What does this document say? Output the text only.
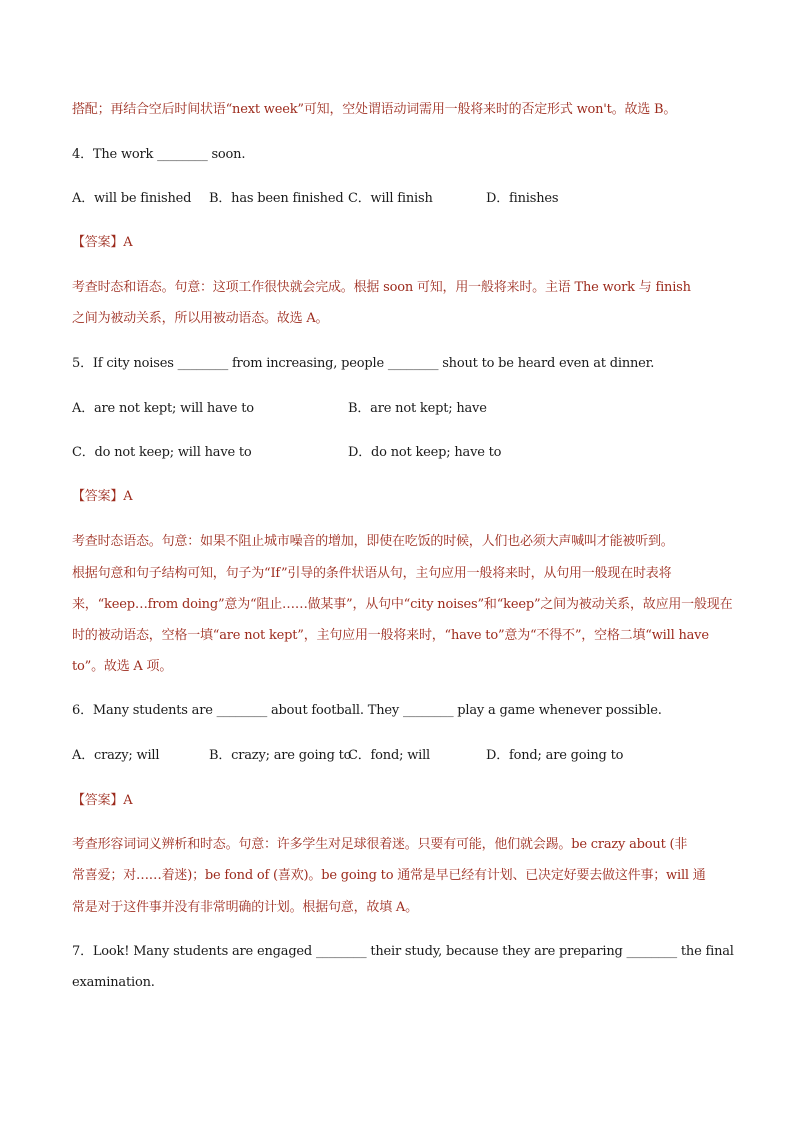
搭配；再结合空后时间状语“next week”可知，空处谓语动词需用一般将来时的否定形式 won't。故选 B。
4．The work ________ soon.
A．will be finished B．has been finished C．will finish	D．finishes
【答案】A
考查时态和语态。句意：这项工作很快就会完成。根据 soon 可知，用一般将来时。主语 The work 与 finish
之间为被动关系，所以用被动语态。故选 A。
5．If city noises ________ from increasing, people ________ shout to be heard even at dinner.
A．are not kept; will have to	B．are not kept; have
C．do not keep; will have to	D．do not keep; have to
【答案】A
考查时态语态。句意：如果不阻止城市噪音的增加，即使在吃饭的时候，人们也必须大声喊叫才能被听到。
根据句意和句子结构可知，句子为“If”引导的条件状语从句，主句应用一般将来时，从句用一般现在时表将
来，“keep…from doing”意为“阻止……做某事”，从句中“city noises”和“keep”之间为被动关系，故应用一般现在
时的被动语态，空格一填“are not kept”，主句应用一般将来时，“have to”意为“不得不”，空格二填“will have
to”。故选 A 项。
6．Many students are ________ about football. They ________ play a game whenever possible.
A．crazy; will	B．crazy; are going to
C．fond; will	D．fond; are going to
【答案】A
考查形容词词义辨析和时态。句意：许多学生对足球很着迷。只要有可能，他们就会踢。be crazy about (非
常喜爱；对……着迷)；be fond of (喜欢)。be going to 通常是早已经有计划、已决定好要去做这件事；will 通
常是对于这件事并没有非常明确的计划。根据句意，故填 A。
7．Look! Many students are engaged ________ their study, because they are preparing ________ the final
examination.
